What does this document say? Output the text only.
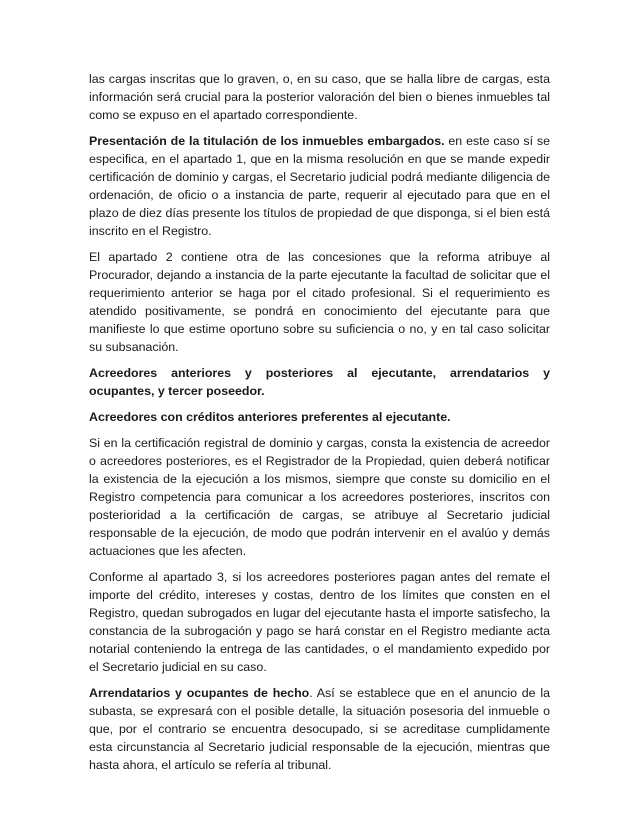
las cargas inscritas que lo graven, o, en su caso, que se halla libre de cargas, esta información será crucial para la posterior valoración del bien o bienes inmuebles tal como se expuso en el apartado correspondiente.

Presentación de la titulación de los inmuebles embargados. en este caso sí se especifica, en el apartado 1, que en la misma resolución en que se mande expedir certificación de dominio y cargas, el Secretario judicial podrá mediante diligencia de ordenación, de oficio o a instancia de parte, requerir al ejecutado para que en el plazo de diez días presente los títulos de propiedad de que disponga, si el bien está inscrito en el Registro.

El apartado 2 contiene otra de las concesiones que la reforma atribuye al Procurador, dejando a instancia de la parte ejecutante la facultad de solicitar que el requerimiento anterior se haga por el citado profesional. Si el requerimiento es atendido positivamente, se pondrá en conocimiento del ejecutante para que manifieste lo que estime oportuno sobre su suficiencia o no, y en tal caso solicitar su subsanación.

Acreedores anteriores y posteriores al ejecutante, arrendatarios y
ocupantes, y tercer poseedor.

Acreedores con créditos anteriores preferentes al ejecutante.

Si en la certificación registral de dominio y cargas, consta la existencia de acreedor o acreedores posteriores, es el Registrador de la Propiedad, quien deberá notificar la existencia de la ejecución a los mismos, siempre que conste su domicilio en el Registro competencia para comunicar a los acreedores posteriores, inscritos con posterioridad a la certificación de cargas, se atribuye al Secretario judicial responsable de la ejecución, de modo que podrán intervenir en el avalúo y demás actuaciones que les afecten.

Conforme al apartado 3, si los acreedores posteriores pagan antes del remate el importe del crédito, intereses y costas, dentro de los límites que consten en el Registro, quedan subrogados en lugar del ejecutante hasta el importe satisfecho, la constancia de la subrogación y pago se hará constar en el Registro mediante acta notarial conteniendo la entrega de las cantidades, o el mandamiento expedido por el Secretario judicial en su caso.

Arrendatarios y ocupantes de hecho. Así se establece que en el anuncio de la subasta, se expresará con el posible detalle, la situación posesoria del inmueble o que, por el contrario se encuentra desocupado, si se acreditase cumplidamente esta circunstancia al Secretario judicial responsable de la ejecución, mientras que hasta ahora, el artículo se refería al tribunal.
